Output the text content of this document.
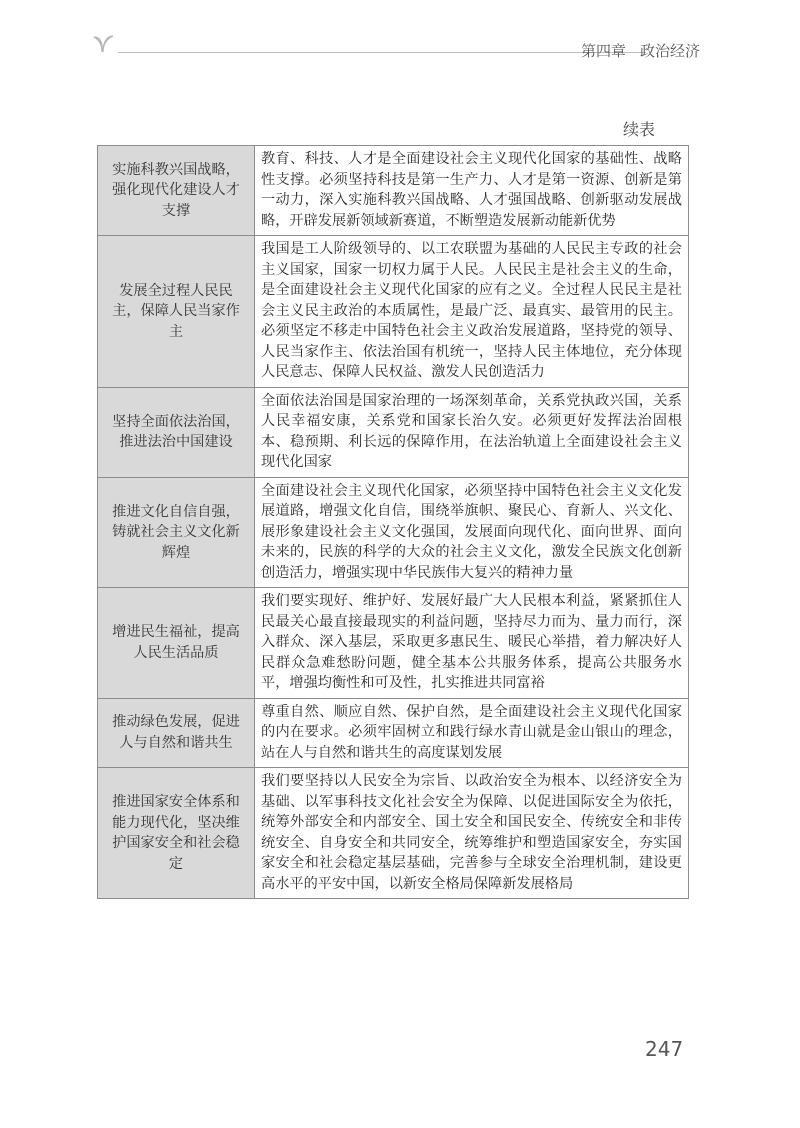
第四章 政治经济
续表
实施科教兴国战略，强化现代化建设人才支撑	教育、科技、人才是全面建设社会主义现代化国家的基础性、战略性支撑。必须坚持科技是第一生产力、人才是第一资源、创新是第一动力，深入实施科教兴国战略、人才强国战略、创新驱动发展战略，开辟发展新领域新赛道，不断塑造发展新动能新优势
发展全过程人民民主，保障人民当家作主	我国是工人阶级领导的、以工农联盟为基础的人民民主专政的社会主义国家，国家一切权力属于人民。人民民主是社会主义的生命，是全面建设社会主义现代化国家的应有之义。全过程人民民主是社会主义民主政治的本质属性，是最广泛、最真实、最管用的民主。必须坚定不移走中国特色社会主义政治发展道路，坚持党的领导、人民当家作主、依法治国有机统一，坚持人民主体地位，充分体现人民意志、保障人民权益、激发人民创造活力
坚持全面依法治国，推进法治中国建设	全面依法治国是国家治理的一场深刻革命，关系党执政兴国，关系人民幸福安康，关系党和国家长治久安。必须更好发挥法治固根本、稳预期、利长远的保障作用，在法治轨道上全面建设社会主义现代化国家
推进文化自信自强，铸就社会主义文化新辉煌	全面建设社会主义现代化国家，必须坚持中国特色社会主义文化发展道路，增强文化自信，围绕举旗帜、聚民心、育新人、兴文化、展形象建设社会主义文化强国，发展面向现代化、面向世界、面向未来的，民族的科学的大众的社会主义文化，激发全民族文化创新创造活力，增强实现中华民族伟大复兴的精神力量
增进民生福祉，提高人民生活品质	我们要实现好、维护好、发展好最广大人民根本利益，紧紧抓住人民最关心最直接最现实的利益问题，坚持尽力而为、量力而行，深入群众、深入基层，采取更多惠民生、暖民心举措，着力解决好人民群众急难愁盼问题，健全基本公共服务体系，提高公共服务水平，增强均衡性和可及性，扎实推进共同富裕
推动绿色发展，促进人与自然和谐共生	尊重自然、顺应自然、保护自然，是全面建设社会主义现代化国家的内在要求。必须牢固树立和践行绿水青山就是金山银山的理念，站在人与自然和谐共生的高度谋划发展
推进国家安全体系和能力现代化，坚决维护国家安全和社会稳定	我们要坚持以人民安全为宗旨、以政治安全为根本、以经济安全为基础、以军事科技文化社会安全为保障、以促进国际安全为依托，统筹外部安全和内部安全、国土安全和国民安全、传统安全和非传统安全、自身安全和共同安全，统筹维护和塑造国家安全，夯实国家安全和社会稳定基层基础，完善参与全球安全治理机制，建设更高水平的平安中国，以新安全格局保障新发展格局
247
